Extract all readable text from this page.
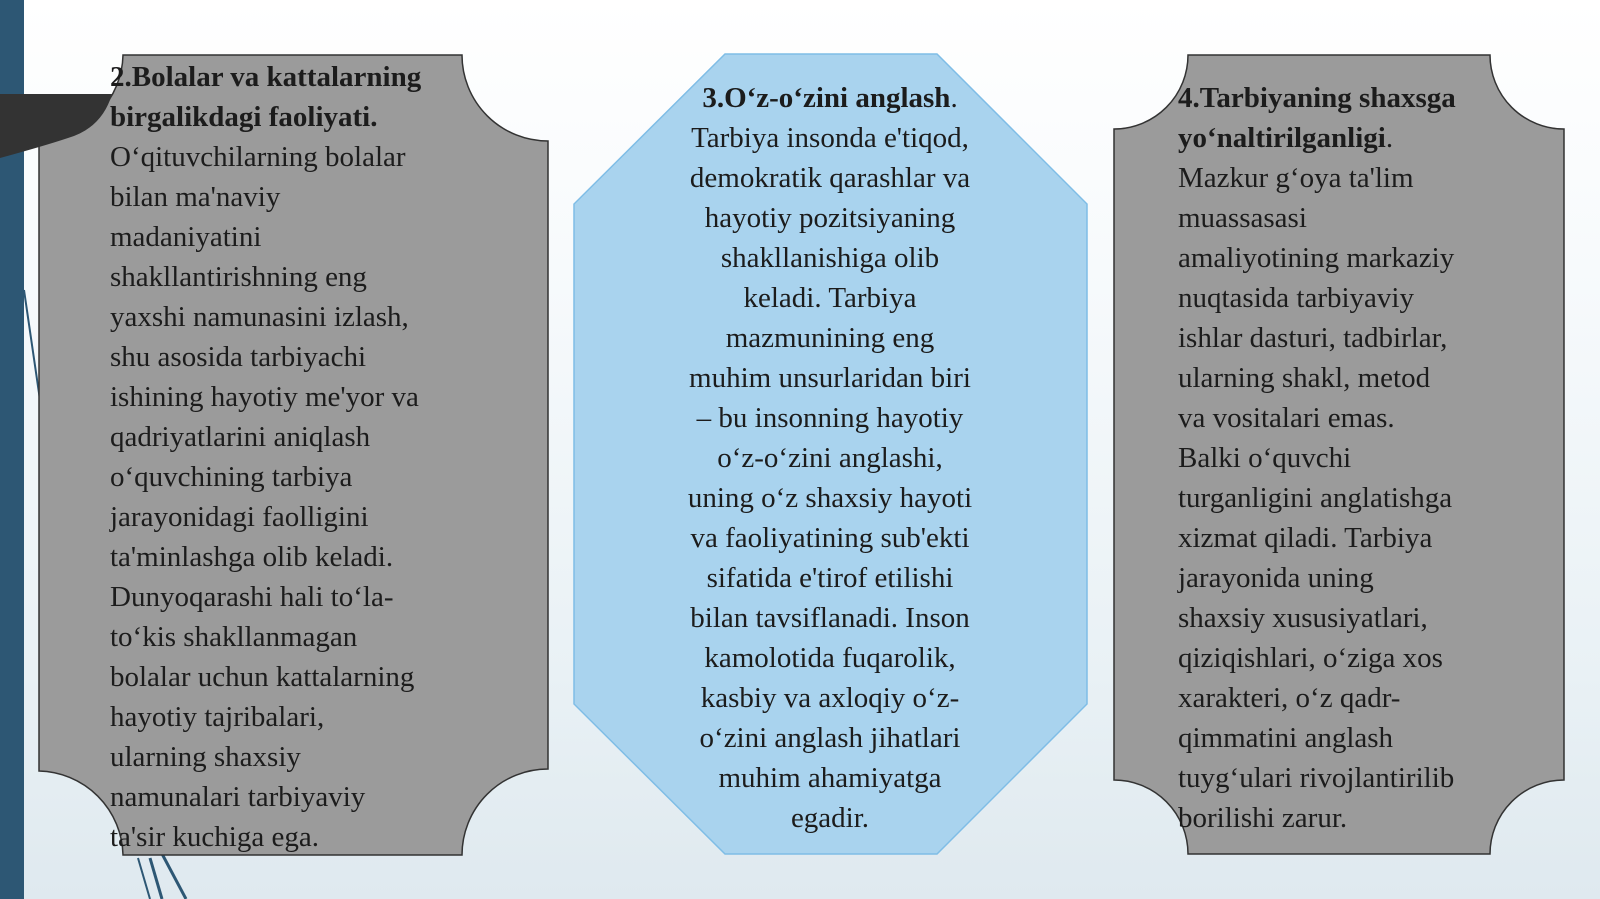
2.Bolalar va kattalarning birgalikdagi faoliyati.
O‘qituvchilarning bolalar
bilan ma'naviy
madaniyatini
shakllantirishning eng
yaxshi namunasini izlash,
shu asosida tarbiyachi
ishining hayotiy me'yor va
qadriyatlarini aniqlash
o‘quvchining tarbiya
jarayonidagi faolligini
ta'minlashga olib keladi.
Dunyoqarashi hali to‘la-
to‘kis shakllanmagan
bolalar uchun kattalarning
hayotiy tajribalari,
ularning shaxsiy
namunalari tarbiyaviy
ta'sir kuchiga ega.
3.O‘z-o‘zini anglash.
Tarbiya insonda e'tiqod,
demokratik qarashlar va
hayotiy pozitsiyaning
shakllanishiga olib
keladi. Tarbiya
mazmunining eng
muhim unsurlaridan biri
– bu insonning hayotiy
o‘z-o‘zini anglashi,
uning o‘z shaxsiy hayoti
va faoliyatining sub'ekti
sifatida e'tirof etilishi
bilan tavsiflanadi. Inson
kamolotida fuqarolik,
kasbiy va axloqiy o‘z-
o‘zini anglash jihatlari
muhim ahamiyatga
egadir.
4.Tarbiyaning shaxsga yo‘naltirilganligi.
Mazkur g‘oya ta'lim
muassasasi
amaliyotining markaziy
nuqtasida tarbiyaviy
ishlar dasturi, tadbirlar,
ularning shakl, metod
va vositalari emas.
Balki o‘quvchi
turganligini anglatishga
xizmat qiladi. Tarbiya
jarayonida uning
shaxsiy xususiyatlari,
qiziqishlari, o‘ziga xos
xarakteri, o‘z qadr-
qimmatini anglash
tuyg‘ulari rivojlantirilib
borilishi zarur.
